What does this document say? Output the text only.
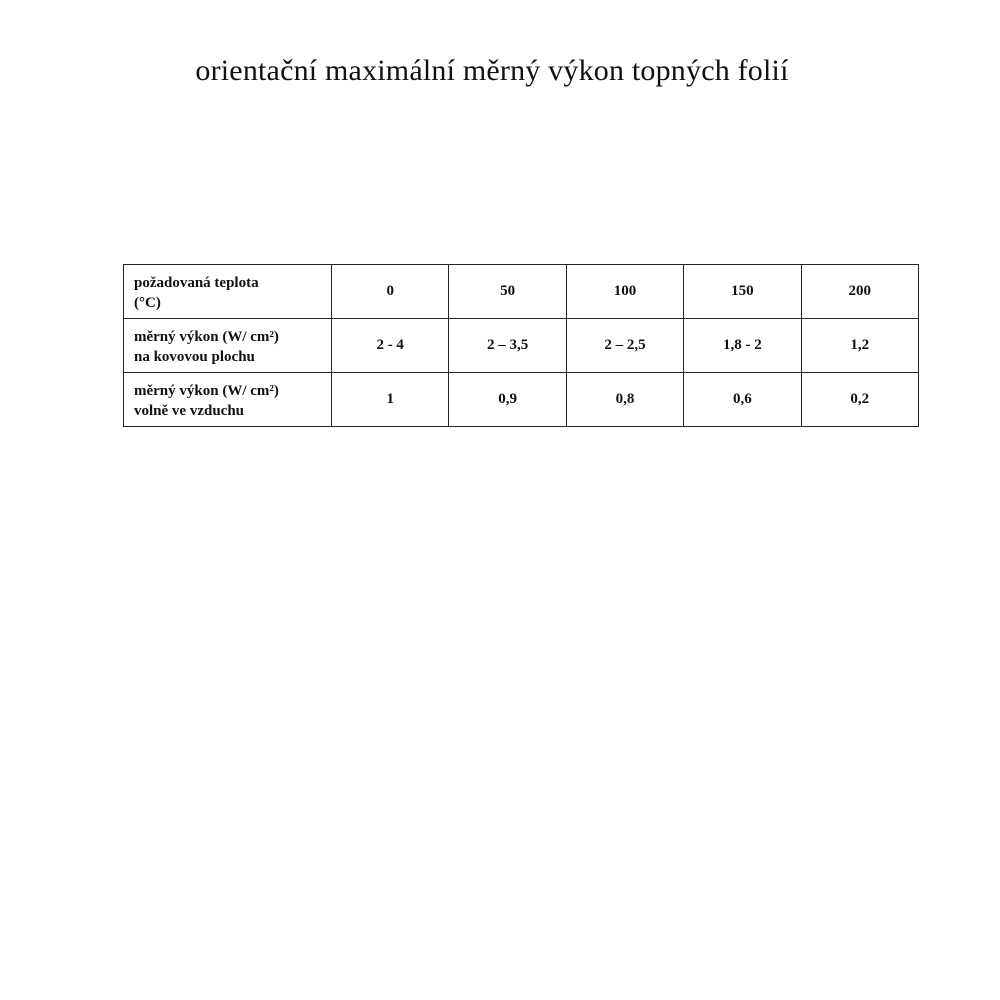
orientační maximální měrný výkon topných folií
požadovaná teplota
(°C)	0	50	100	150	200
měrný výkon (W/ cm²)
na kovovou plochu	2 - 4	2 – 3,5	2 – 2,5	1,8 - 2	1,2
měrný výkon (W/ cm²)
volně ve vzduchu	1	0,9	0,8	0,6	0,2
